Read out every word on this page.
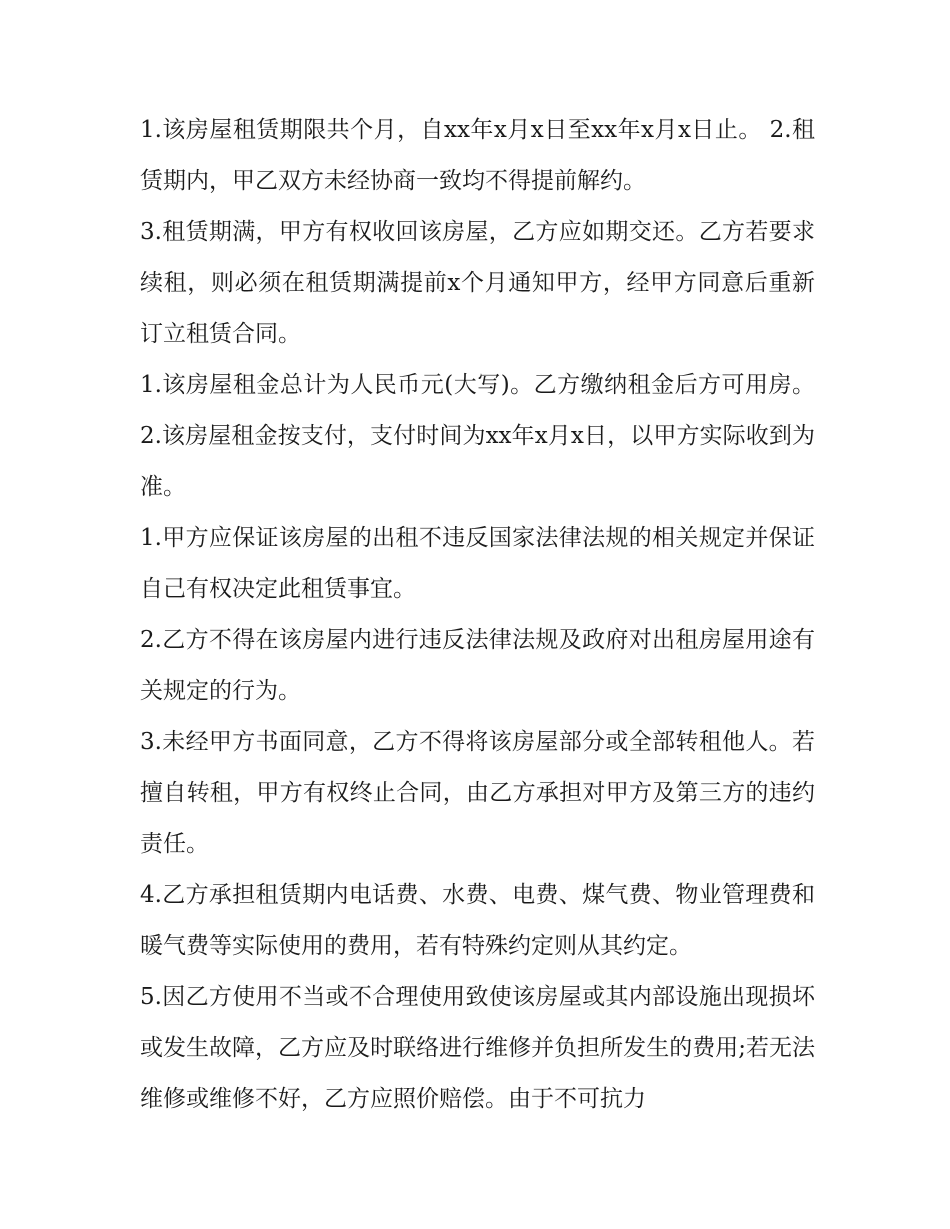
1.该房屋租赁期限共个月，自xx年x月x日至xx年x月x日止。 2.租赁期内，甲乙双方未经协商一致均不得提前解约。

3.租赁期满，甲方有权收回该房屋，乙方应如期交还。乙方若要求续租，则必须在租赁期满提前x个月通知甲方，经甲方同意后重新订立租赁合同。

1.该房屋租金总计为人民币元(大写)。乙方缴纳租金后方可用房。 2.该房屋租金按支付，支付时间为xx年x月x日，以甲方实际收到为准。

1.甲方应保证该房屋的出租不违反国家法律法规的相关规定并保证自己有权决定此租赁事宜。

2.乙方不得在该房屋内进行违反法律法规及政府对出租房屋用途有关规定的行为。

3.未经甲方书面同意，乙方不得将该房屋部分或全部转租他人。若擅自转租，甲方有权终止合同，由乙方承担对甲方及第三方的违约责任。

4.乙方承担租赁期内电话费、水费、电费、煤气费、物业管理费和暖气费等实际使用的费用，若有特殊约定则从其约定。

5.因乙方使用不当或不合理使用致使该房屋或其内部设施出现损坏或发生故障，乙方应及时联络进行维修并负担所发生的费用;若无法维修或维修不好，乙方应照价赔偿。由于不可抗力
